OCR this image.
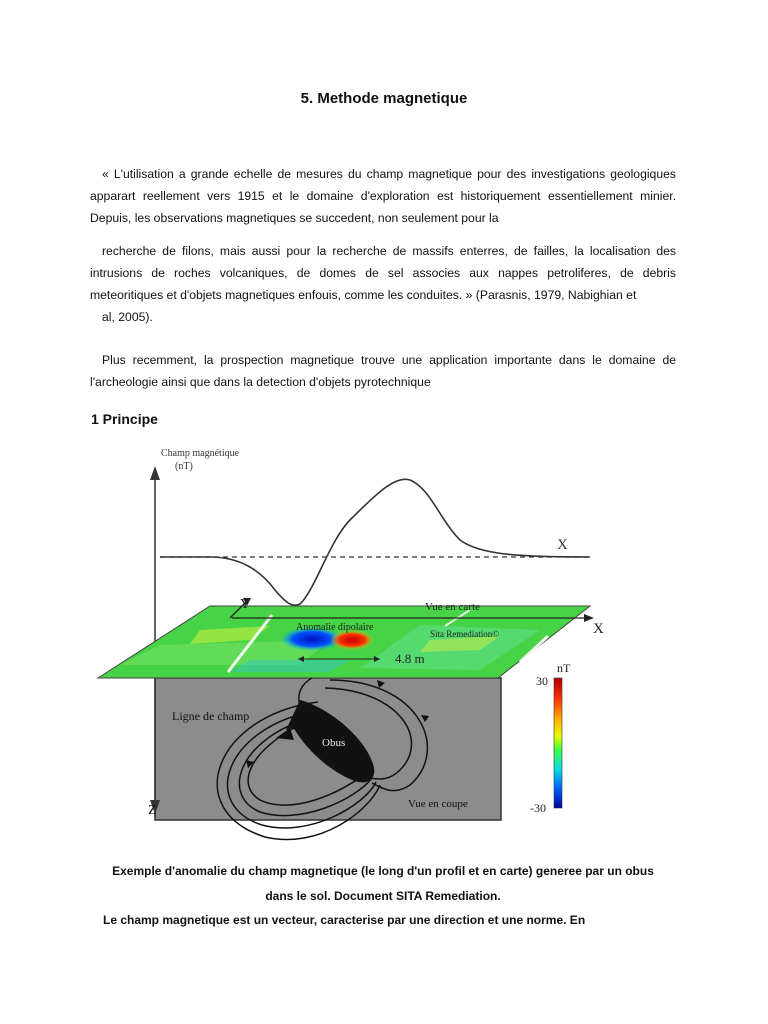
5. Methode magnetique
« L'utilisation a grande echelle de mesures du champ magnetique pour des investigations geologiques apparart reellement vers 1915 et le domaine d'exploration est historiquement essentiellement minier. Depuis, les observations magnetiques se succedent, non seulement pour la
recherche de filons, mais aussi pour la recherche de massifs enterres, de failles, la localisation des intrusions de roches volcaniques, de domes de sel associes aux nappes petroliferes, de debris meteoritiques et d'objets magnetiques enfouis, comme les conduites. » (Parasnis, 1979, Nabighian et
al, 2005).
Plus recemment, la prospection magnetique trouve une application importante dans le domaine de l'archeologie ainsi que dans la detection d'objets pyrotechnique
1 Principe
Champ magnétique
(nT)
X
Y
X
Vue en carte
Anomalie dipolaire
Sita Remediation©
4.8 m
Obus
Ligne de champ
Vue en coupe
Z
nT
30
-30
Exemple d'anomalie du champ magnetique (le long d'un profil et en carte) generee par un obus
dans le sol. Document SITA Remediation.
Le champ magnetique est un vecteur, caracterise par une direction et une norme. En
